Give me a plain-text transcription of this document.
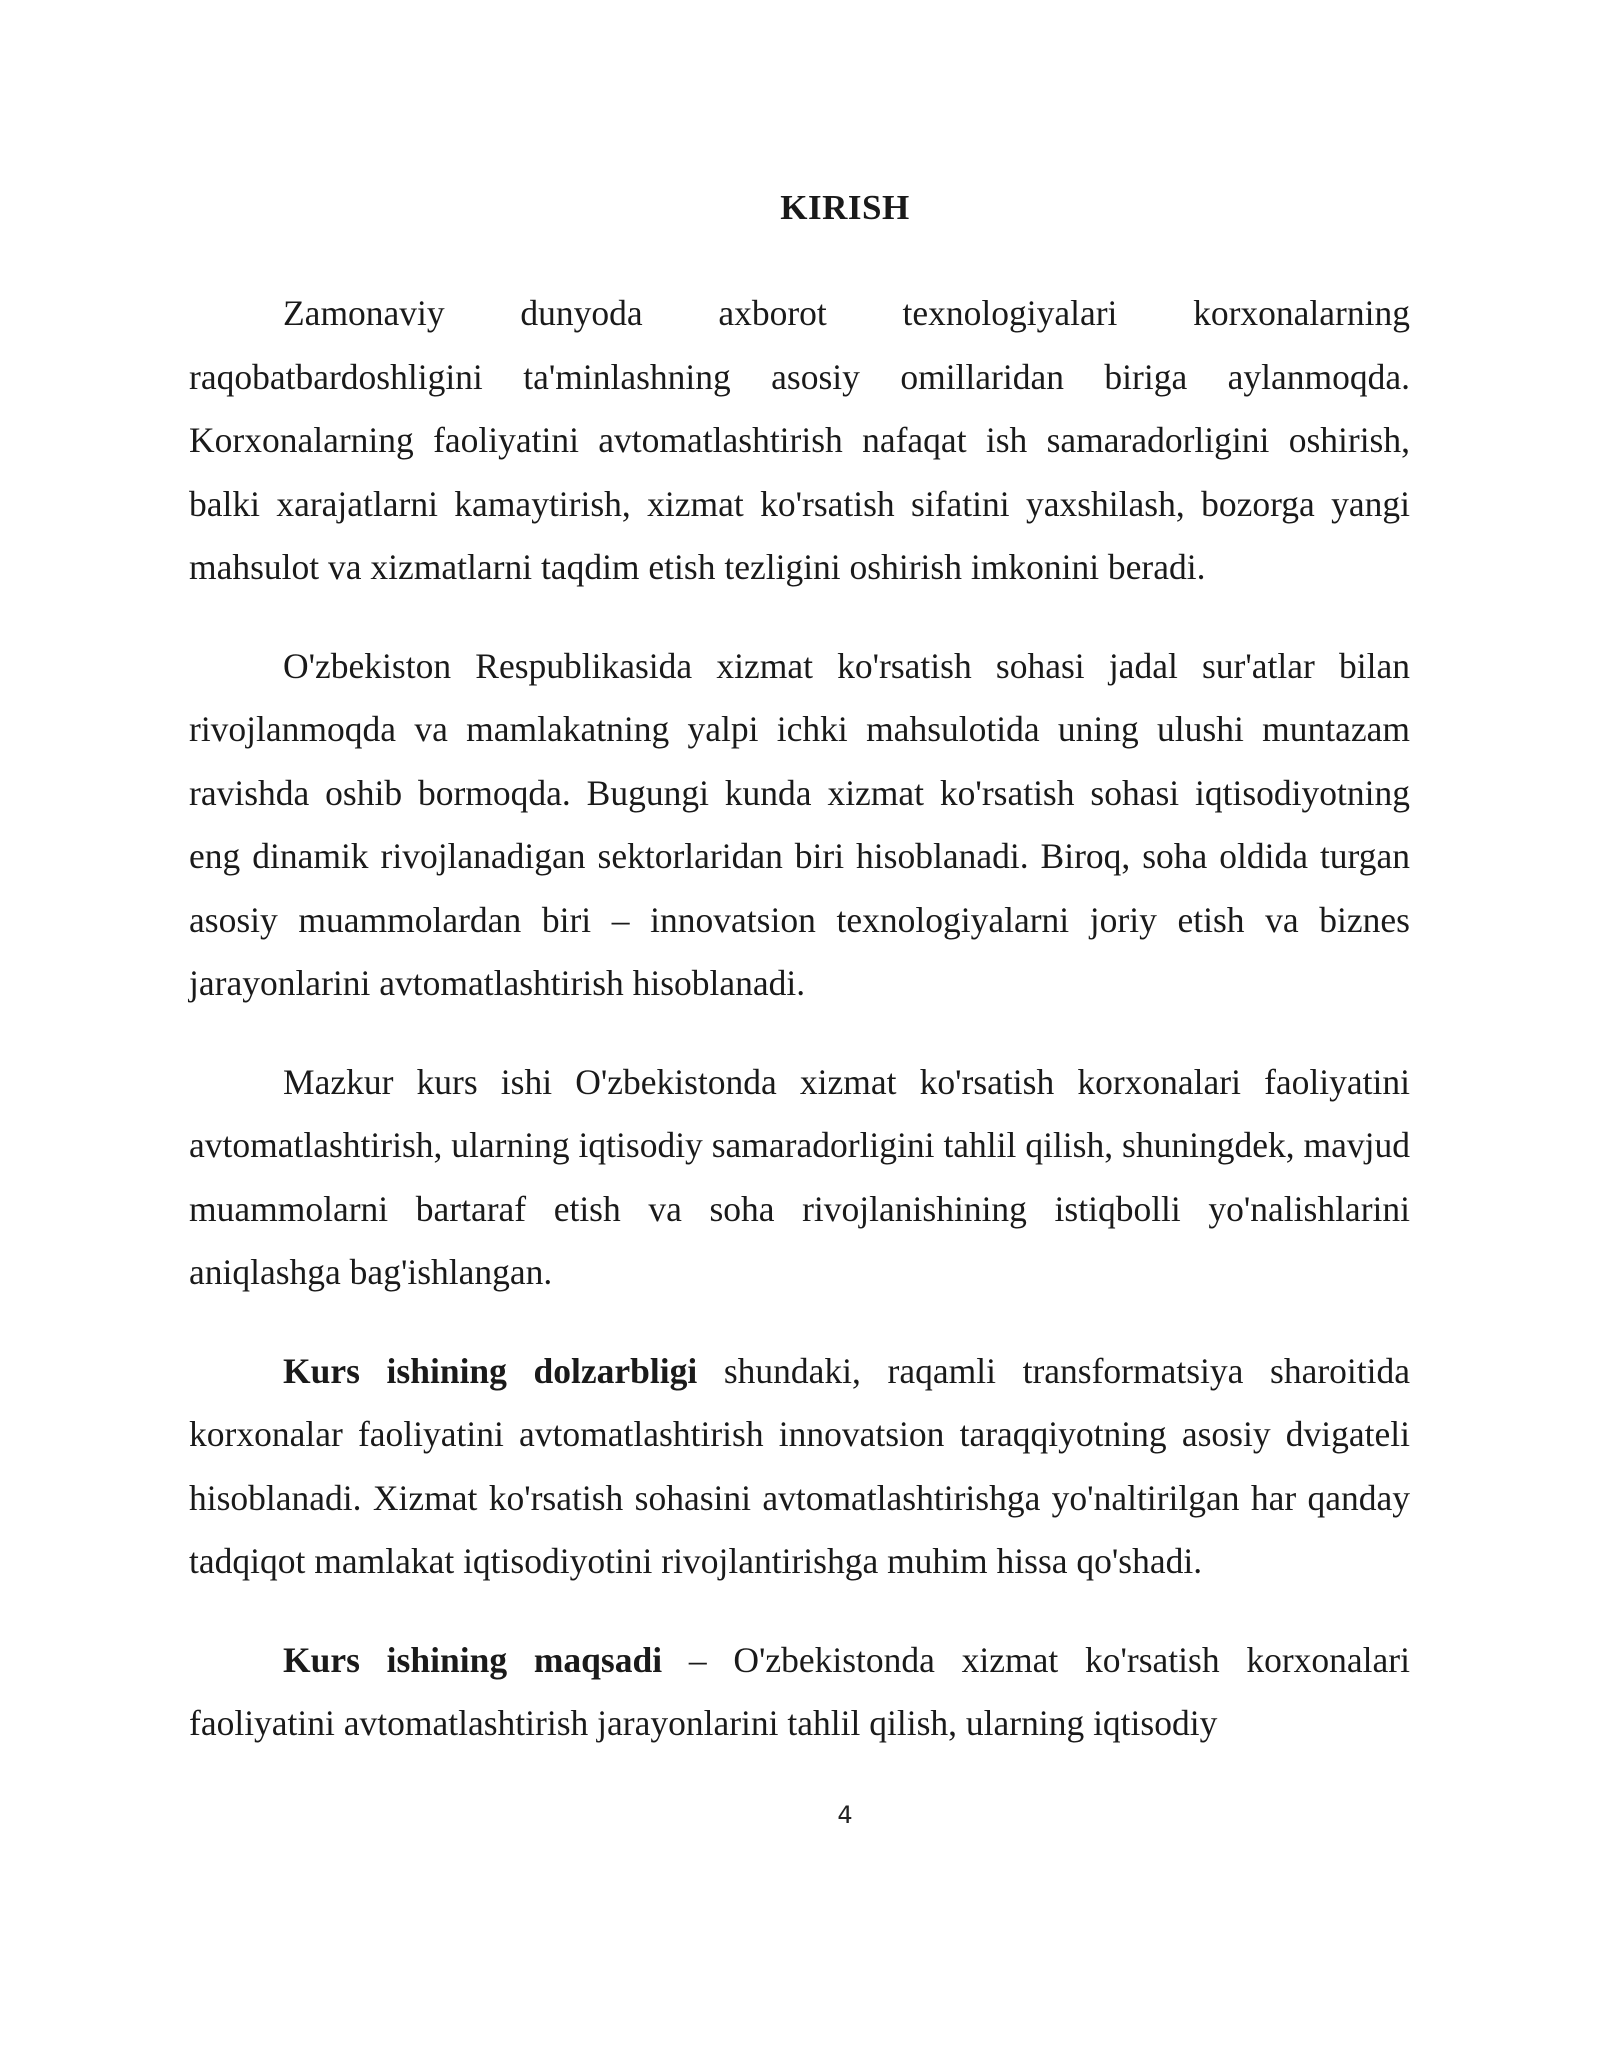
KIRISH

Zamonaviy dunyoda axborot texnologiyalari korxonalarning raqobatbardoshligini ta'minlashning asosiy omillaridan biriga aylanmoqda. Korxonalarning faoliyatini avtomatlashtirish nafaqat ish samaradorligini oshirish, balki xarajatlarni kamaytirish, xizmat ko'rsatish sifatini yaxshilash, bozorga yangi mahsulot va xizmatlarni taqdim etish tezligini oshirish imkonini beradi.

O'zbekiston Respublikasida xizmat ko'rsatish sohasi jadal sur'atlar bilan rivojlanmoqda va mamlakatning yalpi ichki mahsulotida uning ulushi muntazam ravishda oshib bormoqda. Bugungi kunda xizmat ko'rsatish sohasi iqtisodiyotning eng dinamik rivojlanadigan sektorlaridan biri hisoblanadi. Biroq, soha oldida turgan asosiy muammolardan biri – innovatsion texnologiyalarni joriy etish va biznes jarayonlarini avtomatlashtirish hisoblanadi.

Mazkur kurs ishi O'zbekistonda xizmat ko'rsatish korxonalari faoliyatini avtomatlashtirish, ularning iqtisodiy samaradorligini tahlil qilish, shuningdek, mavjud muammolarni bartaraf etish va soha rivojlanishining istiqbolli yo'nalishlarini aniqlashga bag'ishlangan.

Kurs ishining dolzarbligi shundaki, raqamli transformatsiya sharoitida korxonalar faoliyatini avtomatlashtirish innovatsion taraqqiyotning asosiy dvigateli hisoblanadi. Xizmat ko'rsatish sohasini avtomatlashtirishga yo'naltirilgan har qanday tadqiqot mamlakat iqtisodiyotini rivojlantirishga muhim hissa qo'shadi.

Kurs ishining maqsadi – O'zbekistonda xizmat ko'rsatish korxonalari faoliyatini avtomatlashtirish jarayonlarini tahlil qilish, ularning iqtisodiy

4
